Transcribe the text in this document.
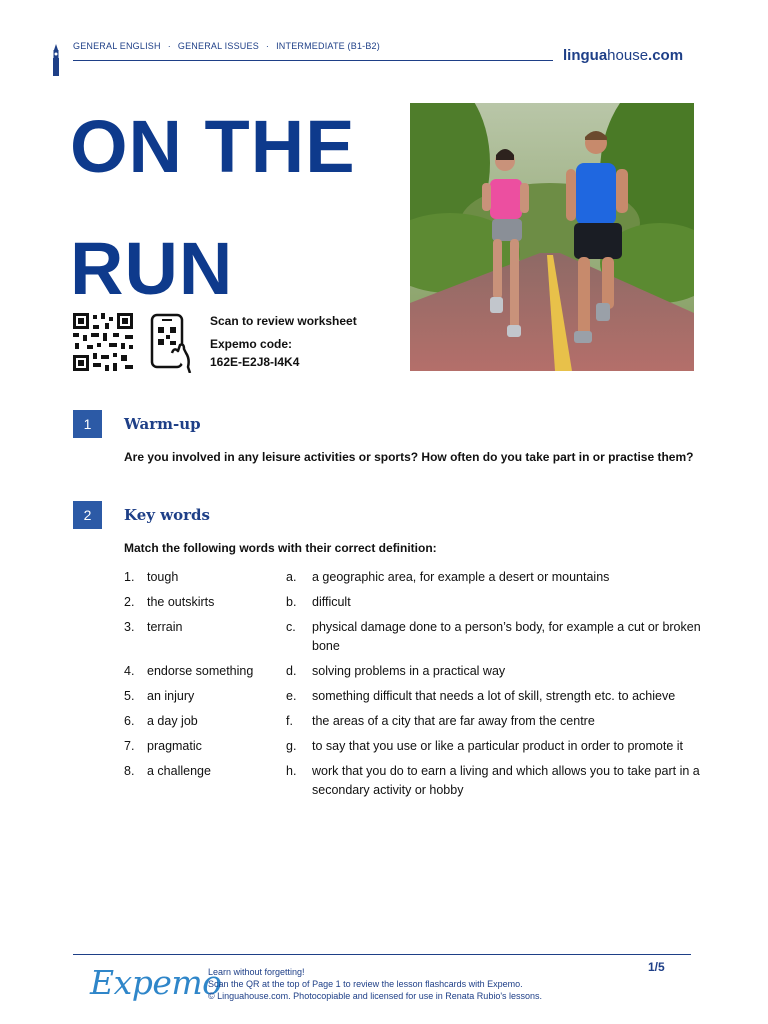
GENERAL ENGLISH · GENERAL ISSUES · INTERMEDIATE (B1-B2)
linguahouse.com
ON THE
RUN
Scan to review worksheet
Expemo code:
162E-E2J8-I4K4
1	Warm-up
Are you involved in any leisure activities or sports? How often do you take part in or practise them?
2	Key words
Match the following words with their correct definition:
1.	tough	a.	a geographic area, for example a desert or mountains
2.	the outskirts	b.	difficult
3.	terrain	c.	physical damage done to a person’s body, for example a cut or broken bone
4.	endorse something	d.	solving problems in a practical way
5.	an injury	e.	something difficult that needs a lot of skill, strength etc. to achieve
6.	a day job	f.	the areas of a city that are far away from the centre
7.	pragmatic	g.	to say that you use or like a particular product in order to promote it
8.	a challenge	h.	work that you do to earn a living and which allows you to take part in a secondary activity or hobby
Expemo
Learn without forgetting!
Scan the QR at the top of Page 1 to review the lesson flashcards with Expemo.
© Linguahouse.com. Photocopiable and licensed for use in Renata Rubio's lessons.
1/5
